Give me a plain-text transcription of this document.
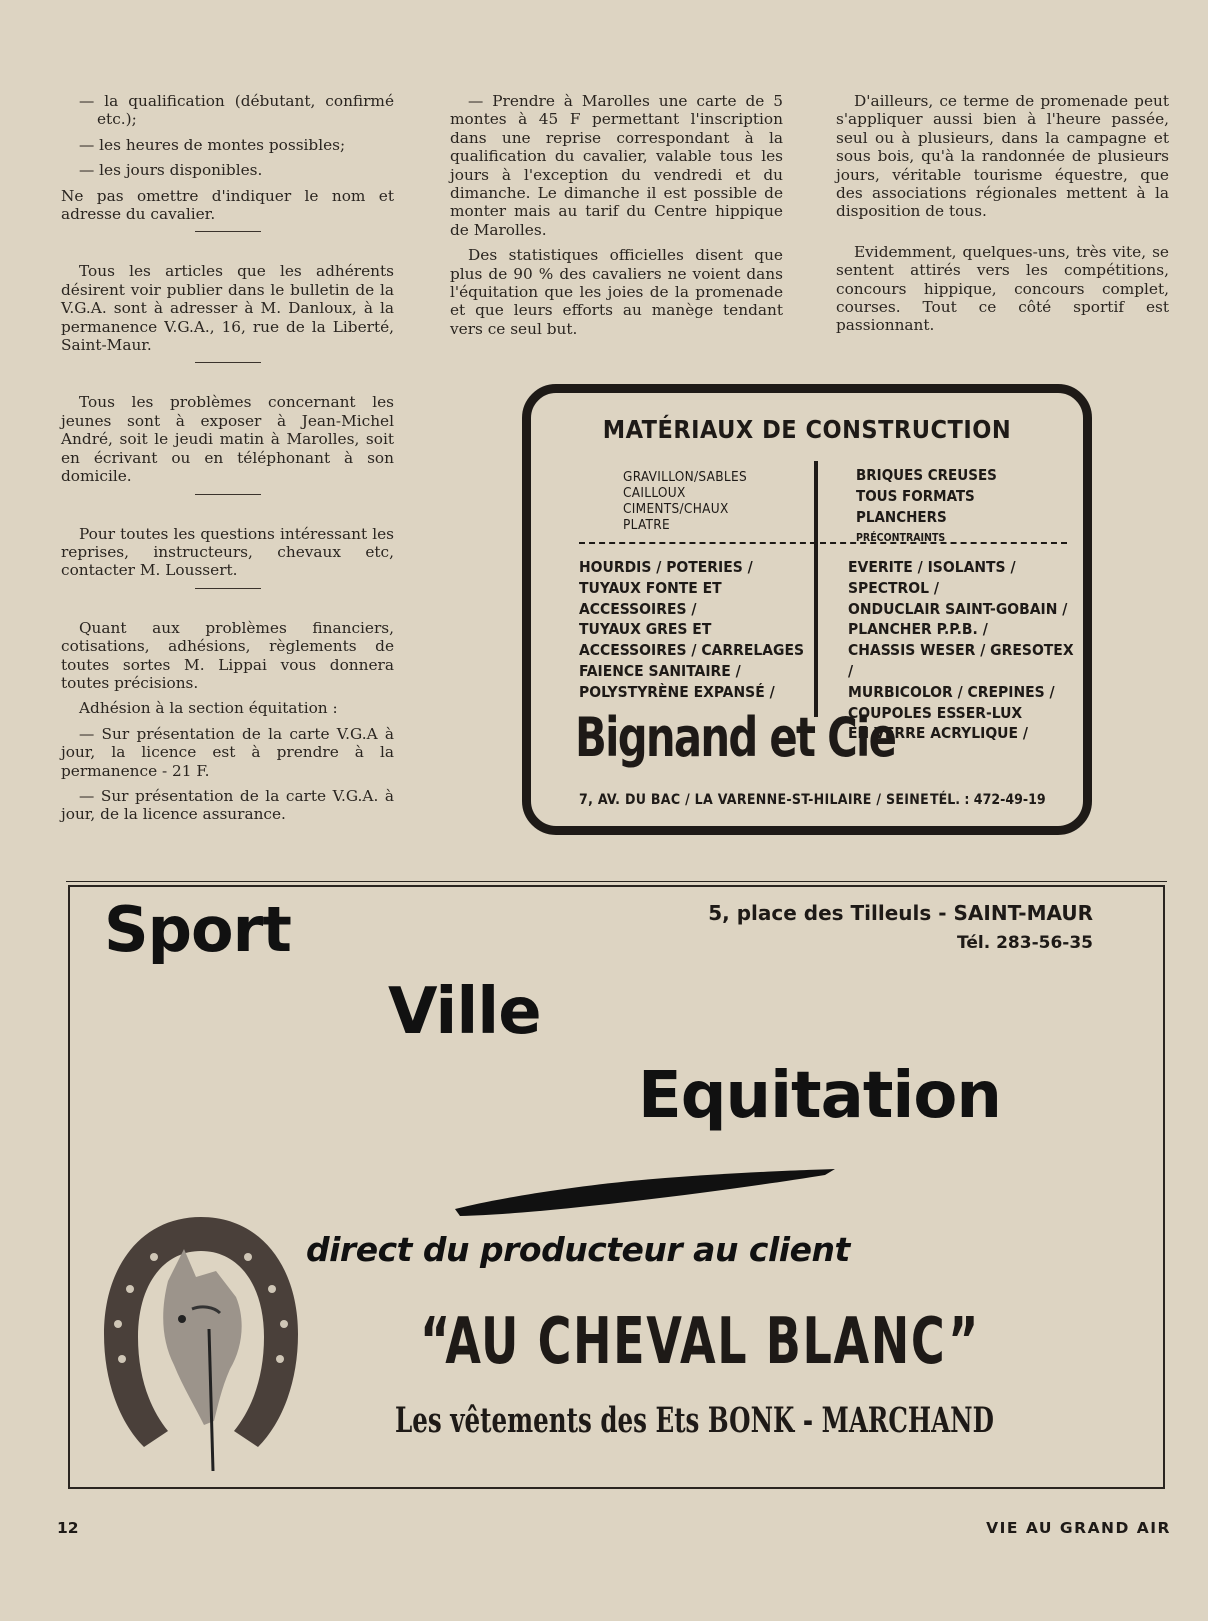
— la qualification (débutant, confirmé etc.);

— les heures de montes possibles;

— les jours disponibles.

Ne pas omettre d'indiquer le nom et adresse du cavalier.

Tous les articles que les adhérents désirent voir publier dans le bulletin de la V.G.A. sont à adresser à M. Danloux, à la permanence V.G.A., 16, rue de la Liberté, Saint-Maur.

Tous les problèmes concernant les jeunes sont à exposer à Jean-Michel André, soit le jeudi matin à Marolles, soit en écrivant ou en téléphonant à son domicile.

Pour toutes les questions intéressant les reprises, instructeurs, chevaux etc, contacter M. Loussert.

Quant aux problèmes financiers, cotisations, adhésions, règlements de toutes sortes M. Lippai vous donnera toutes précisions.

Adhésion à la section équitation :

— Sur présentation de la carte V.G.A à jour, la licence est à prendre à la permanence - 21 F.

— Sur présentation de la carte V.G.A. à jour, de la licence assurance.

— Prendre à Marolles une carte de 5 montes à 45 F permettant l'inscription dans une reprise correspondant à la qualification du cavalier, valable tous les jours à l'exception du vendredi et du dimanche. Le dimanche il est possible de monter mais au tarif du Centre hippique de Marolles.

Des statistiques officielles disent que plus de 90 % des cavaliers ne voient dans l'équitation que les joies de la promenade et que leurs efforts au manège tendant vers ce seul but.

D'ailleurs, ce terme de promenade peut s'appliquer aussi bien à l'heure passée, seul ou à plusieurs, dans la campagne et sous bois, qu'à la randonnée de plusieurs jours, véritable tourisme équestre, que des associations régionales mettent à la disposition de tous.

Evidemment, quelques-uns, très vite, se sentent attirés vers les compétitions, concours hippique, concours complet, courses. Tout ce côté sportif est passionnant.

MATÉRIAUX DE CONSTRUCTION
GRAVILLON/SABLES
CAILLOUX
CIMENTS/CHAUX
PLATRE
BRIQUES CREUSES
TOUS FORMATS
PLANCHERS
PRÉCONTRAINTS
HOURDIS / POTERIES /
TUYAUX FONTE ET
ACCESSOIRES /
TUYAUX GRES ET
ACCESSOIRES / CARRELAGES
FAIENCE SANITAIRE /
POLYSTYRÈNE EXPANSÉ /
EVERITE / ISOLANTS / SPECTROL /
ONDUCLAIR SAINT-GOBAIN /
PLANCHER P.P.B. /
CHASSIS WESER / GRESOTEX /
MURBICOLOR / CREPINES /
COUPOLES ESSER-LUX
EN VERRE ACRYLIQUE /
Bignand et Cie
7, AV. DU BAC / LA VARENNE-ST-HILAIRE / SEINE TÉL. : 472-49-19
Sport
Ville
Equitation
5, place des Tilleuls - SAINT-MAUR
Tél. 283-56-35
direct du producteur au client
“AU CHEVAL BLANC”
Les vêtements des Ets BONK - MARCHAND
12	VIE AU GRAND AIR
